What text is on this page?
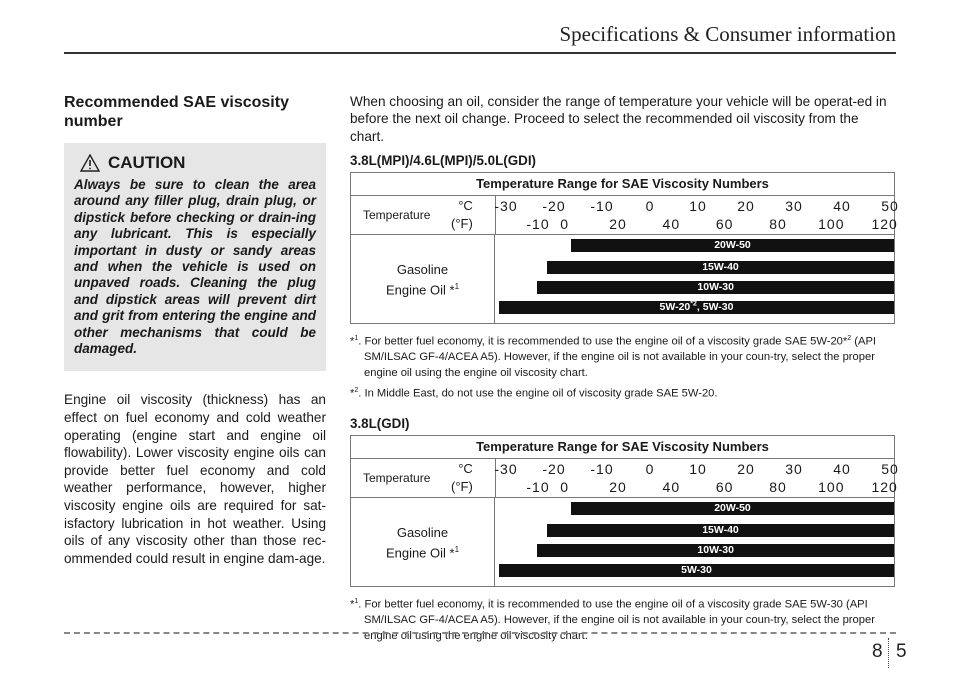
Specifications & Consumer information
Recommended SAE viscosity number
CAUTION
Always be sure to clean the area around any filler plug, drain plug, or dipstick before checking or drain-ing any lubricant. This is especially important in dusty or sandy areas and when the vehicle is used on unpaved roads. Cleaning the plug and dipstick areas will prevent dirt and grit from entering the engine and other mechanisms that could be damaged.
Engine oil viscosity (thickness) has an effect on fuel economy and cold weather operating (engine start and engine oil flowability). Lower viscosity engine oils can provide better fuel economy and cold weather performance, however, higher viscosity engine oils are required for sat-isfactory lubrication in hot weather. Using oils of any viscosity other than those rec-ommended could result in engine dam-age.

When choosing an oil, consider the range of temperature your vehicle will be operat-ed in before the next oil change. Proceed to select the recommended oil viscosity from the chart.

3.8L(MPI)/4.6L(MPI)/5.0L(GDI)
Temperature Range for SAE Viscosity Numbers
Temperature
°C
(°F)
-30 -20 -10 0 10 20 30 40 50
-10 0	20	40	60	80 100 120
Gasoline
Engine Oil *$^1$
20W-50
15W-40
10W-30
5W-20$^{*2}$, 5W-30
*$^1$. For better fuel economy, it is recommended to use the engine oil of a viscosity grade SAE 5W-20*$^2$ (API SM/ILSAC GF-4/ACEA A5). However, if the engine oil is not available in your coun-try, select the proper engine oil using the engine oil viscosity chart.
*$^2$. In Middle East, do not use the engine oil of viscosity grade SAE 5W-20.
3.8L(GDI)
Temperature Range for SAE Viscosity Numbers
Temperature
°C
(°F)
-30 -20 -10 0 10 20 30 40 50
-10 0	20	40	60	80 100 120
Gasoline
Engine Oil *$^1$
20W-50
15W-40
10W-30
5W-30
*$^1$. For better fuel economy, it is recommended to use the engine oil of a viscosity grade SAE 5W-30 (API SM/ILSAC GF-4/ACEA A5). However, if the engine oil is not available in your coun-try, select the proper engine oil using the engine oil viscosity chart.
8 5
